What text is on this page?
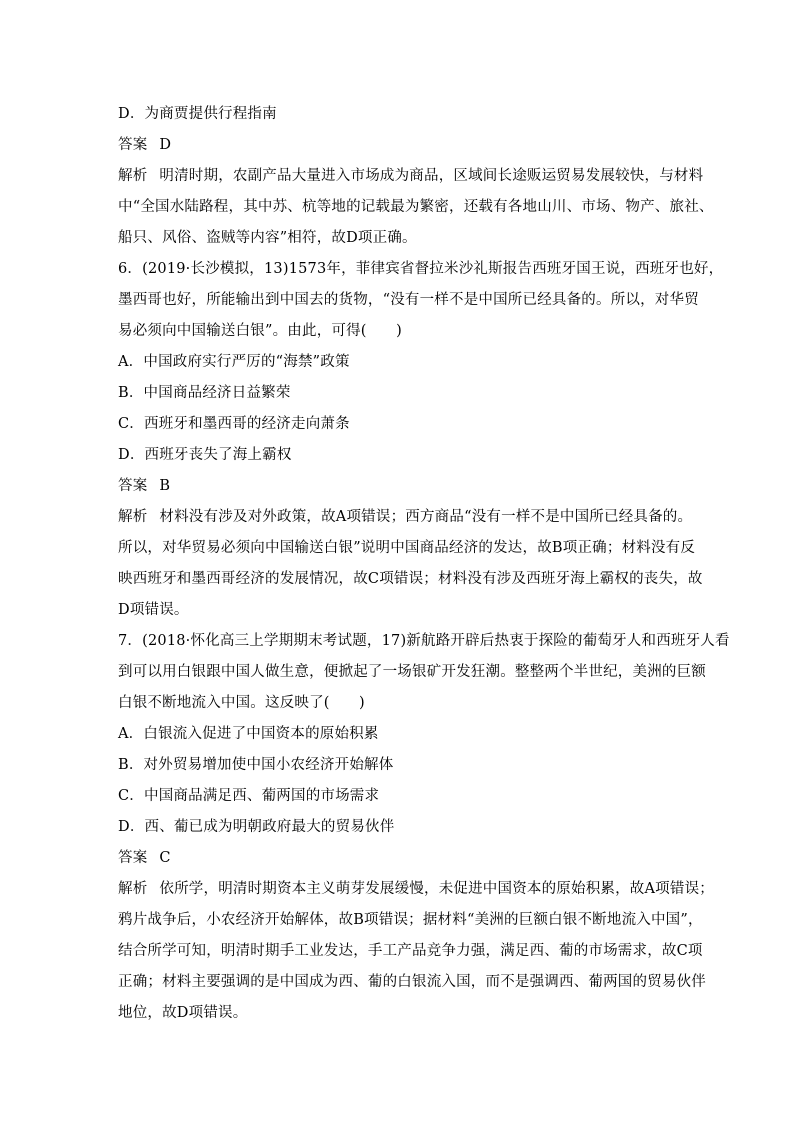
D．为商贾提供行程指南
答案 D
解析 明清时期，农副产品大量进入市场成为商品，区域间长途贩运贸易发展较快，与材料
中“全国水陆路程，其中苏、杭等地的记载最为繁密，还载有各地山川、市场、物产、旅社、
船只、风俗、盗贼等内容”相符，故D项正确。
6．(2019·长沙模拟，13)1573年，菲律宾省督拉米沙礼斯报告西班牙国王说，西班牙也好，
墨西哥也好，所能输出到中国去的货物，“没有一样不是中国所已经具备的。所以，对华贸
易必须向中国输送白银”。由此，可得(　　)
A．中国政府实行严厉的“海禁”政策
B．中国商品经济日益繁荣
C．西班牙和墨西哥的经济走向萧条
D．西班牙丧失了海上霸权
答案 B
解析 材料没有涉及对外政策，故A项错误；西方商品“没有一样不是中国所已经具备的。
所以，对华贸易必须向中国输送白银”说明中国商品经济的发达，故B项正确；材料没有反
映西班牙和墨西哥经济的发展情况，故C项错误；材料没有涉及西班牙海上霸权的丧失，故
D项错误。
7．(2018·怀化高三上学期期末考试题，17)新航路开辟后热衷于探险的葡萄牙人和西班牙人看
到可以用白银跟中国人做生意，便掀起了一场银矿开发狂潮。整整两个半世纪，美洲的巨额
白银不断地流入中国。这反映了(　　)
A．白银流入促进了中国资本的原始积累
B．对外贸易增加使中国小农经济开始解体
C．中国商品满足西、葡两国的市场需求
D．西、葡已成为明朝政府最大的贸易伙伴
答案 C
解析 依所学，明清时期资本主义萌芽发展缓慢，未促进中国资本的原始积累，故A项错误；
鸦片战争后，小农经济开始解体，故B项错误；据材料“美洲的巨额白银不断地流入中国”，
结合所学可知，明清时期手工业发达，手工产品竞争力强，满足西、葡的市场需求，故C项
正确；材料主要强调的是中国成为西、葡的白银流入国，而不是强调西、葡两国的贸易伙伴
地位，故D项错误。
